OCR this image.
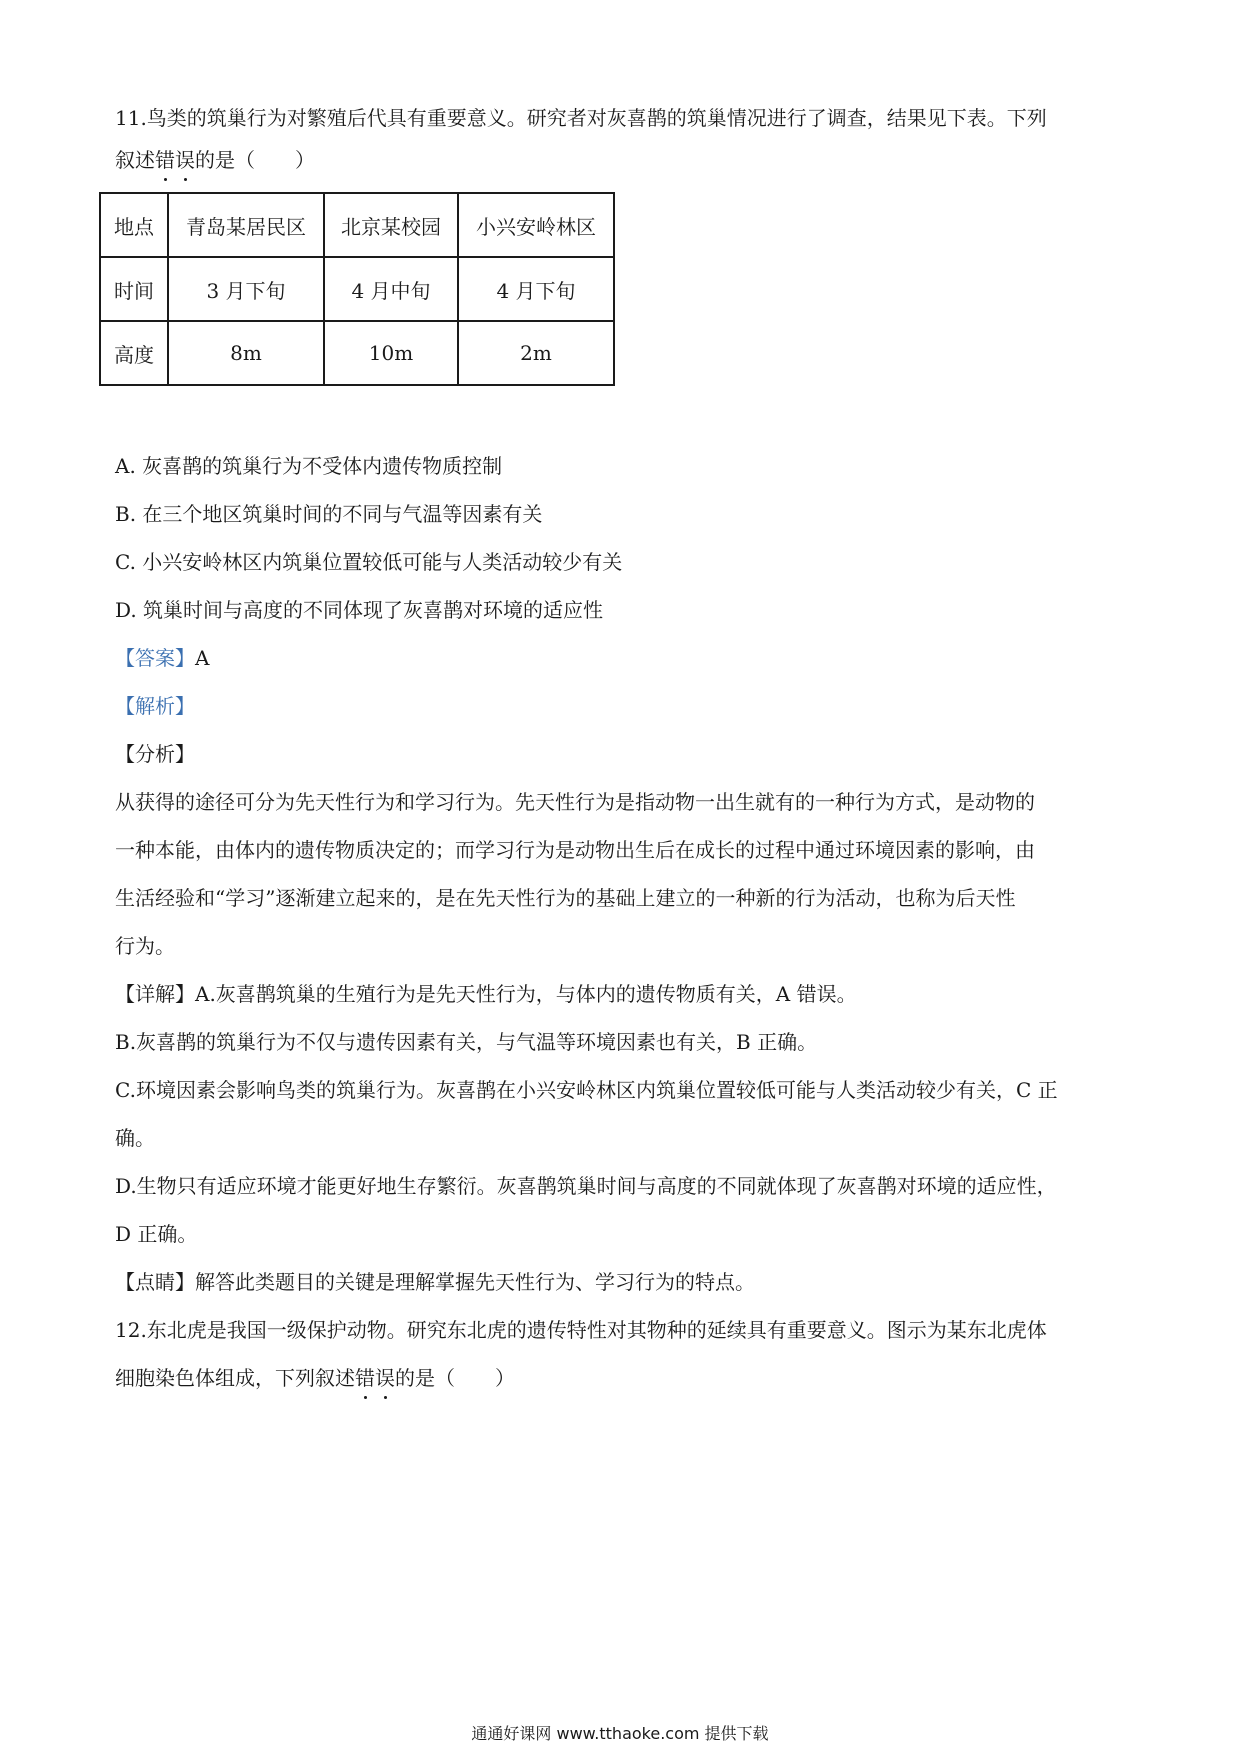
11.鸟类的筑巢行为对繁殖后代具有重要意义。研究者对灰喜鹊的筑巢情况进行了调查，结果见下表。下列
叙述错误的是（　　）
地点	青岛某居民区	北京某校园	小兴安岭林区
时间	3 月下旬	4 月中旬	4 月下旬
高度	8m	10m	2m
A. 灰喜鹊的筑巢行为不受体内遗传物质控制
B. 在三个地区筑巢时间的不同与气温等因素有关
C. 小兴安岭林区内筑巢位置较低可能与人类活动较少有关
D. 筑巢时间与高度的不同体现了灰喜鹊对环境的适应性
【答案】A
【解析】
【分析】
从获得的途径可分为先天性行为和学习行为。先天性行为是指动物一出生就有的一种行为方式，是动物的
一种本能，由体内的遗传物质决定的；而学习行为是动物出生后在成长的过程中通过环境因素的影响，由
生活经验和“学习”逐渐建立起来的，是在先天性行为的基础上建立的一种新的行为活动，也称为后天性
行为。
【详解】A.灰喜鹊筑巢的生殖行为是先天性行为，与体内的遗传物质有关，A 错误。
B.灰喜鹊的筑巢行为不仅与遗传因素有关，与气温等环境因素也有关，B 正确。
C.环境因素会影响鸟类的筑巢行为。灰喜鹊在小兴安岭林区内筑巢位置较低可能与人类活动较少有关，C 正
确。
D.生物只有适应环境才能更好地生存繁衍。灰喜鹊筑巢时间与高度的不同就体现了灰喜鹊对环境的适应性，
D 正确。
【点睛】解答此类题目的关键是理解掌握先天性行为、学习行为的特点。
12.东北虎是我国一级保护动物。研究东北虎的遗传特性对其物种的延续具有重要意义。图示为某东北虎体
细胞染色体组成，下列叙述错误的是（　　）
通通好课网 www.tthaoke.com 提供下载
